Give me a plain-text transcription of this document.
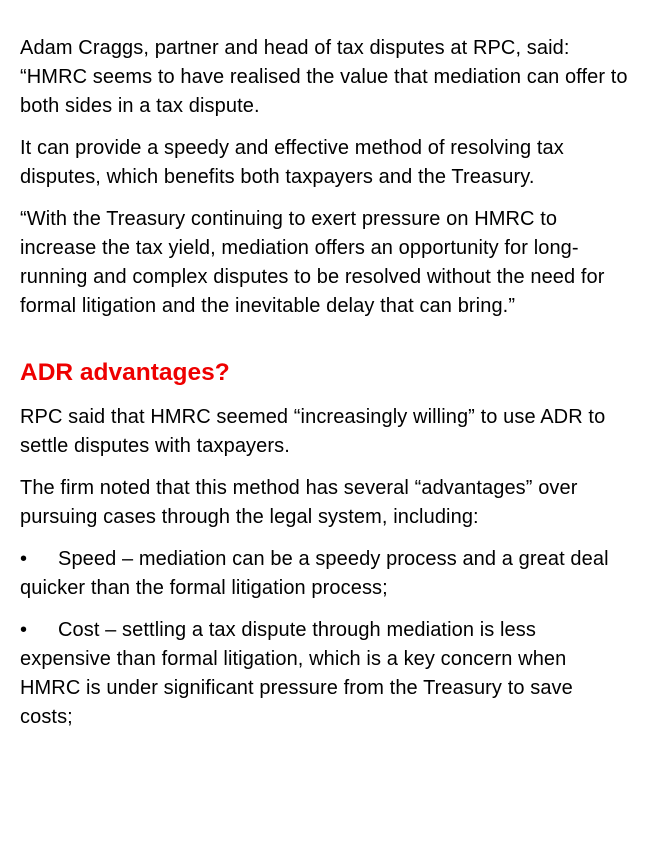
Adam Craggs, partner and head of tax disputes at RPC, said: “HMRC seems to have realised the value that mediation can offer to both sides in a tax dispute.

It can provide a speedy and effective method of resolving tax disputes, which benefits both taxpayers and the Treasury.

“With the Treasury continuing to exert pressure on HMRC to increase the tax yield, mediation offers an opportunity for long-running and complex disputes to be resolved without the need for formal litigation and the inevitable delay that can bring.”

ADR advantages?

RPC said that HMRC seemed “increasingly willing” to use ADR to settle disputes with taxpayers.

The firm noted that this method has several “advantages” over pursuing cases through the legal system, including:

• Speed – mediation can be a speedy process and a great deal quicker than the formal litigation process;

• Cost – settling a tax dispute through mediation is less expensive than formal litigation, which is a key concern when HMRC is under significant pressure from the Treasury to save costs;
